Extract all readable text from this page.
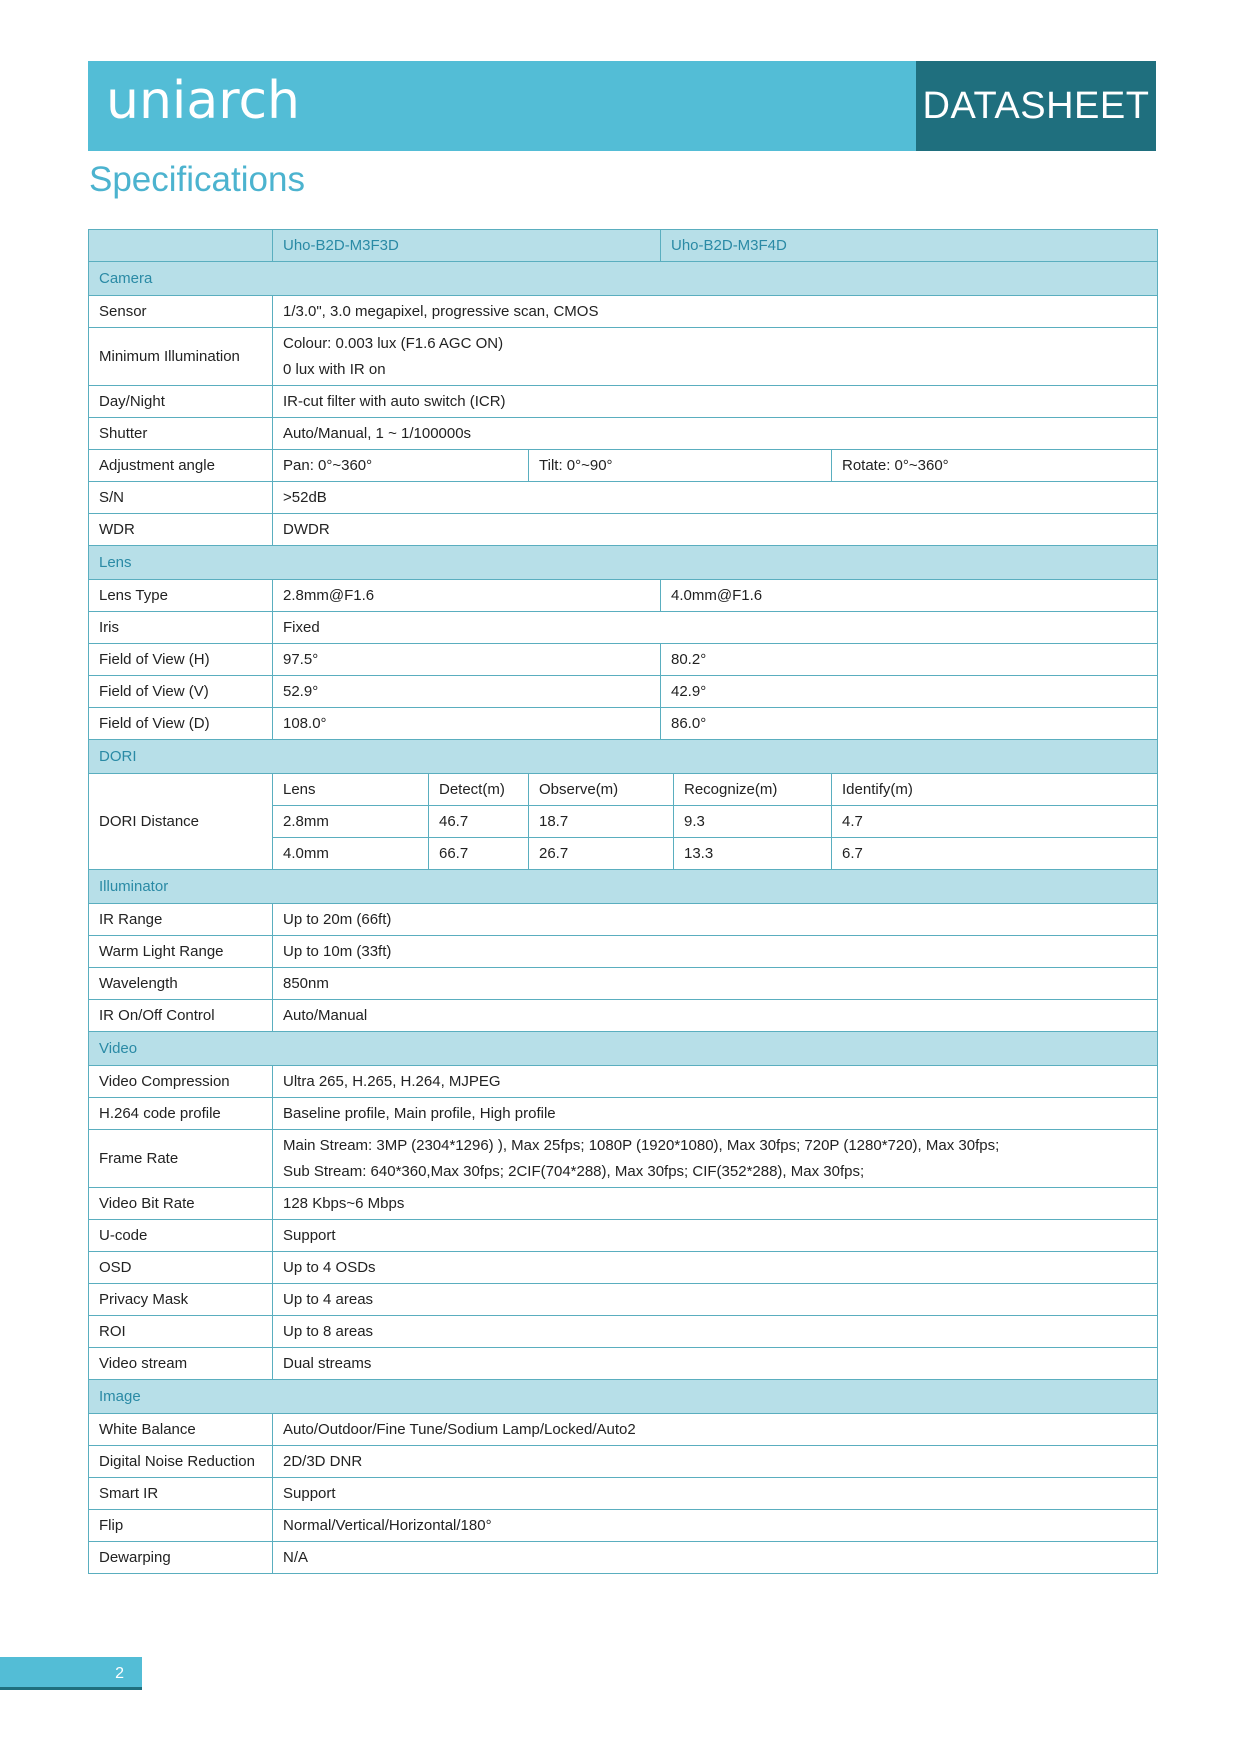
uniarch	DATASHEET
Specifications
	Uho-B2D-M3F3D			Uho-B2D-M3F4D		
Camera						
Sensor	1/3.0", 3.0 megapixel, progressive scan, CMOS					
Minimum Illumination	Colour: 0.003 lux (F1.6 AGC ON)
0 lux with IR on					

Day/Night	IR-cut filter with auto switch (ICR)					
Shutter	Auto/Manual, 1 ~ 1/100000s					
Adjustment angle	Pan: 0°~360°		Tilt: 0°~90°			Rotate: 0°~360°
S/N	>52dB					
WDR	DWDR					
Lens						
Lens Type	2.8mm@F1.6			4.0mm@F1.6		
Iris	Fixed					
Field of View (H)	97.5°			80.2°		
Field of View (V)	52.9°			42.9°		
Field of View (D)	108.0°			86.0°		
DORI						
DORI Distance	Lens	Detect(m)	Observe(m)		Recognize(m)	Identify(m)
	2.8mm	46.7	18.7		9.3	4.7
	4.0mm	66.7	26.7		13.3	6.7
Illuminator						
IR Range	Up to 20m (66ft)					
Warm Light Range	Up to 10m (33ft)					
Wavelength	850nm					
IR On/Off Control	Auto/Manual					
Video						
Video Compression	Ultra 265, H.265, H.264, MJPEG					
H.264 code profile	Baseline profile, Main profile, High profile					
Frame Rate	Main Stream: 3MP (2304*1296) ), Max 25fps; 1080P (1920*1080), Max 30fps; 720P (1280*720), Max 30fps;
Sub Stream: 640*360,Max 30fps; 2CIF(704*288), Max 30fps; CIF(352*288), Max 30fps;					

Video Bit Rate	128 Kbps~6 Mbps					
U-code	Support					
OSD	Up to 4 OSDs					
Privacy Mask	Up to 4 areas					
ROI	Up to 8 areas					
Video stream	Dual streams					
Image						
White Balance	Auto/Outdoor/Fine Tune/Sodium Lamp/Locked/Auto2					
Digital Noise Reduction	2D/3D DNR					
Smart IR	Support					
Flip	Normal/Vertical/Horizontal/180°					
Dewarping	N/A					
2
